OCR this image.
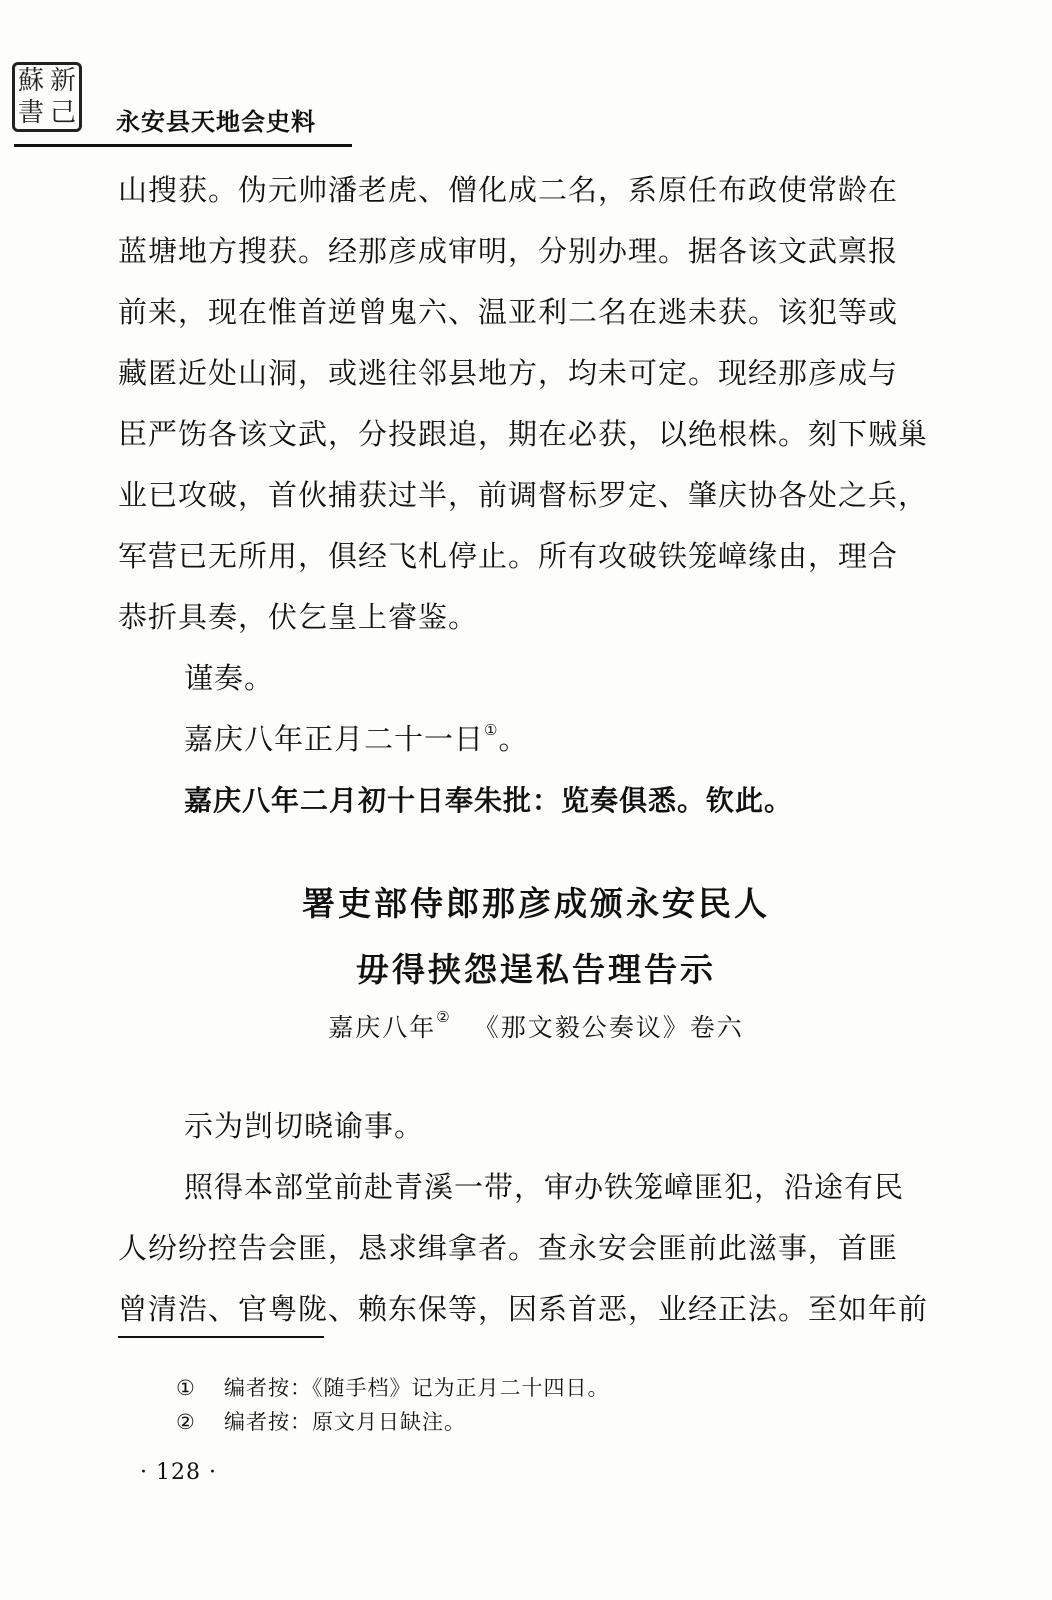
蘇 新
書 己 永安县天地会史料
山搜获。伪元帅潘老虎、僧化成二名，系原任布政使常龄在
蓝塘地方搜获。经那彦成审明，分别办理。据各该文武禀报
前来，现在惟首逆曾鬼六、温亚利二名在逃未获。该犯等或
藏匿近处山洞，或逃往邻县地方，均未可定。现经那彦成与
臣严饬各该文武，分投跟追，期在必获，以绝根株。刻下贼巢
业已攻破，首伙捕获过半，前调督标罗定、肇庆协各处之兵，
军营已无所用，俱经飞札停止。所有攻破铁笼嶂缘由，理合
恭折具奏，伏乞皇上睿鉴。
谨奏。
嘉庆八年正月二十一日①。
嘉庆八年二月初十日奉朱批：览奏俱悉。钦此。
署吏部侍郎那彦成颁永安民人
毋得挟怨逞私告理告示
嘉庆八年② 《那文毅公奏议》卷六
示为剀切晓谕事。
照得本部堂前赴青溪一带，审办铁笼嶂匪犯，沿途有民
人纷纷控告会匪，恳求缉拿者。查永安会匪前此滋事，首匪
曾清浩、官粤陇、赖东保等，因系首恶，业经正法。至如年前
① 编者按：《随手档》记为正月二十四日。
② 编者按：原文月日缺注。
· 128 ·
